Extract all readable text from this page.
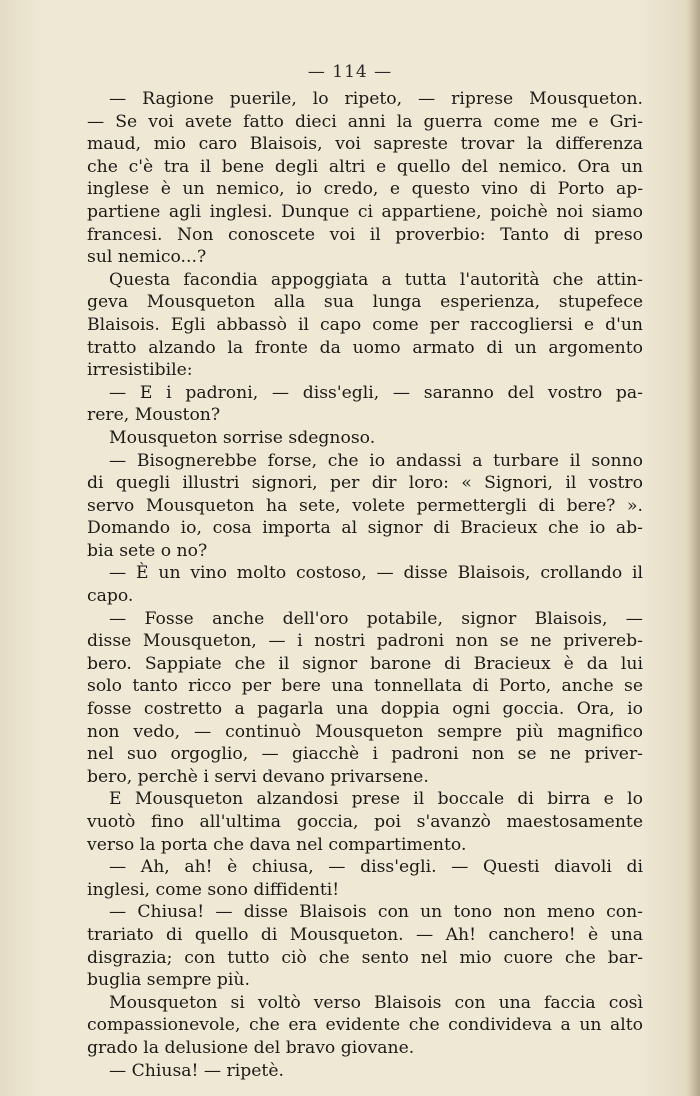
— 114 —
— Ragione puerile, lo ripeto, — riprese Mousqueton.
— Se voi avete fatto dieci anni la guerra come me e Gri-
maud, mio caro Blaisois, voi sapreste trovar la differenza
che c'è tra il bene degli altri e quello del nemico. Ora un
inglese è un nemico, io credo, e questo vino di Porto ap-
partiene agli inglesi. Dunque ci appartiene, poichè noi siamo
francesi. Non conoscete voi il proverbio: Tanto di preso
sul nemico...?
Questa facondia appoggiata a tutta l'autorità che attin-
geva Mousqueton alla sua lunga esperienza, stupefece
Blaisois. Egli abbassò il capo come per raccogliersi e d'un
tratto alzando la fronte da uomo armato di un argomento
irresistibile:
— E i padroni, — diss'egli, — saranno del vostro pa-
rere, Mouston?
Mousqueton sorrise sdegnoso.
— Bisognerebbe forse, che io andassi a turbare il sonno
di quegli illustri signori, per dir loro: « Signori, il vostro
servo Mousqueton ha sete, volete permettergli di bere? ».
Domando io, cosa importa al signor di Bracieux che io ab-
bia sete o no?
— È un vino molto costoso, — disse Blaisois, crollando il
capo.
— Fosse anche dell'oro potabile, signor Blaisois, —
disse Mousqueton, — i nostri padroni non se ne privereb-
bero. Sappiate che il signor barone di Bracieux è da lui
solo tanto ricco per bere una tonnellata di Porto, anche se
fosse costretto a pagarla una doppia ogni goccia. Ora, io
non vedo, — continuò Mousqueton sempre più magnifico
nel suo orgoglio, — giacchè i padroni non se ne priver-
bero, perchè i servi devano privarsene.
E Mousqueton alzandosi prese il boccale di birra e lo
vuotò fino all'ultima goccia, poi s'avanzò maestosamente
verso la porta che dava nel compartimento.
— Ah, ah! è chiusa, — diss'egli. — Questi diavoli di
inglesi, come sono diffidenti!
— Chiusa! — disse Blaisois con un tono non meno con-
trariato di quello di Mousqueton. — Ah! canchero! è una
disgrazia; con tutto ciò che sento nel mio cuore che bar-
buglia sempre più.
Mousqueton si voltò verso Blaisois con una faccia così
compassionevole, che era evidente che condivideva a un alto
grado la delusione del bravo giovane.
— Chiusa! — ripetè.
